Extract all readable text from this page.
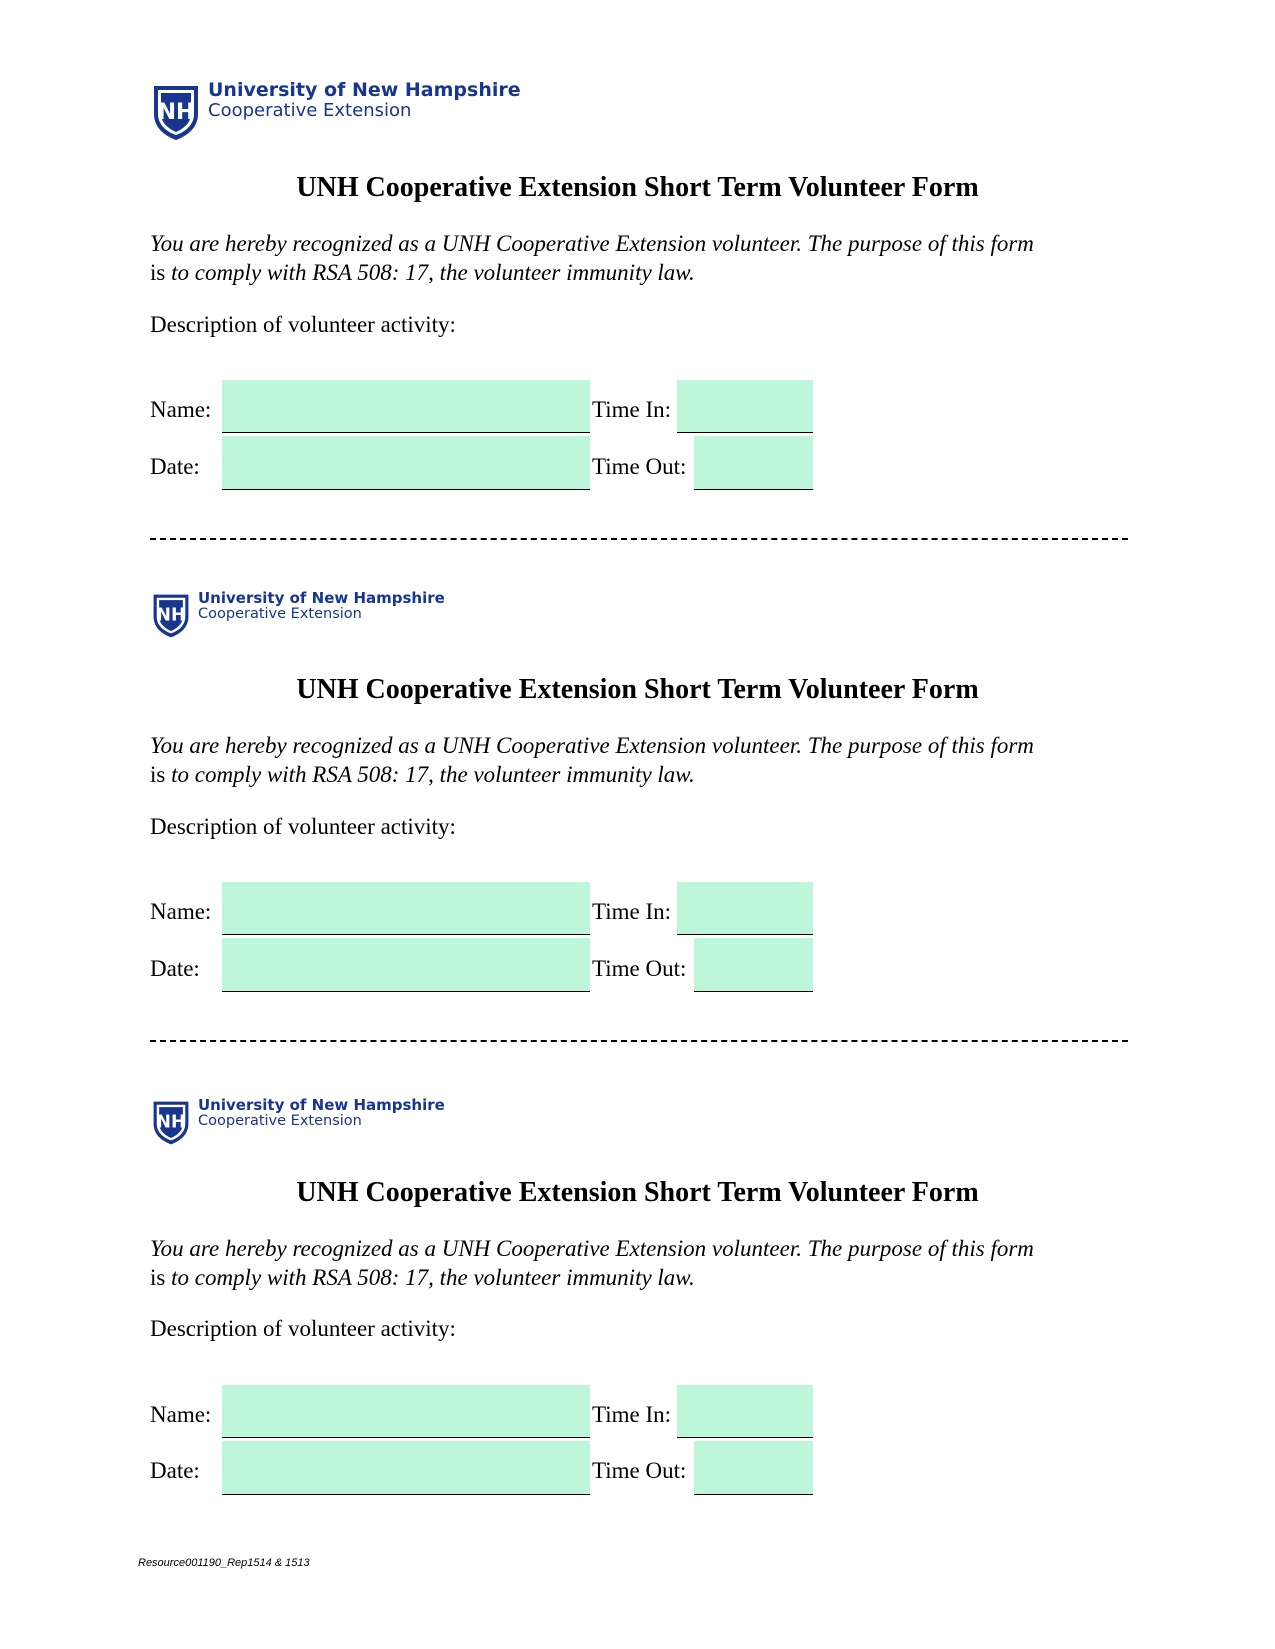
NH
University of New Hampshire
Cooperative Extension
UNH Cooperative Extension Short Term Volunteer Form
You are hereby recognized as a UNH Cooperative Extension volunteer. The purpose of this form
is to comply with RSA 508: 17, the volunteer immunity law.
Description of volunteer activity:
Name:	Time In:
Date:	Time Out:
NH
University of New Hampshire
Cooperative Extension
UNH Cooperative Extension Short Term Volunteer Form
You are hereby recognized as a UNH Cooperative Extension volunteer. The purpose of this form
is to comply with RSA 508: 17, the volunteer immunity law.
Description of volunteer activity:
Name:	Time In:
Date:	Time Out:
NH
University of New Hampshire
Cooperative Extension
UNH Cooperative Extension Short Term Volunteer Form
You are hereby recognized as a UNH Cooperative Extension volunteer. The purpose of this form
is to comply with RSA 508: 17, the volunteer immunity law.
Description of volunteer activity:
Name:	Time In:
Date:	Time Out:
Resource001190_Rep1514 & 1513
